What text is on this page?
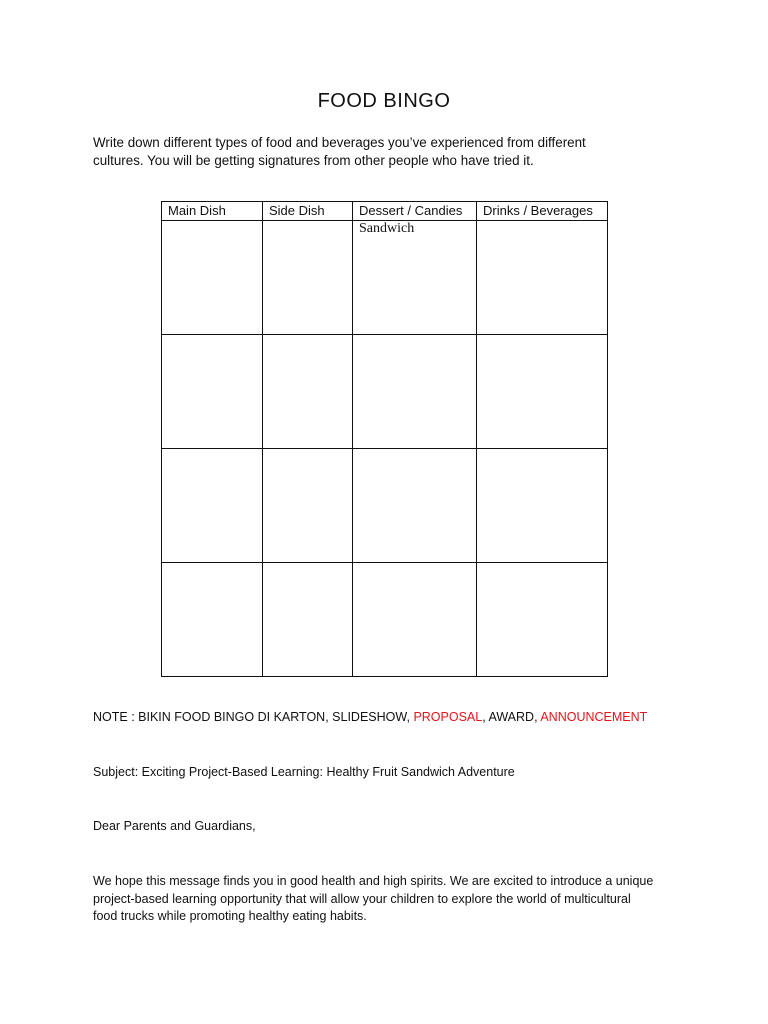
FOOD BINGO
Write down different types of food and beverages you’ve experienced from different
cultures. You will be getting signatures from other people who have tried it.
Main Dish	Side Dish	Dessert / Candies	Drinks / Beverages

		Sandwich	

NOTE : BIKIN FOOD BINGO DI KARTON, SLIDESHOW, PROPOSAL, AWARD, ANNOUNCEMENT
Subject: Exciting Project-Based Learning: Healthy Fruit Sandwich Adventure
Dear Parents and Guardians,
We hope this message finds you in good health and high spirits. We are excited to introduce a unique
project-based learning opportunity that will allow your children to explore the world of multicultural
food trucks while promoting healthy eating habits.
